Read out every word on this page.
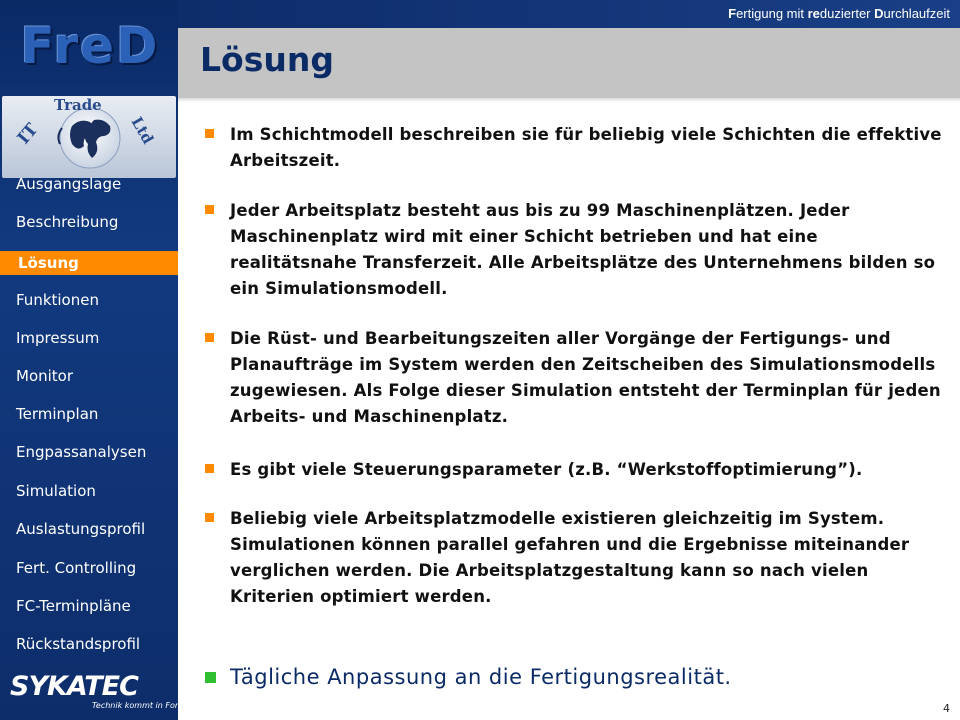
FreD
IT
Trade
Ltd
Ausgangslage
Beschreibung
Lösung
Funktionen
Impressum
Monitor
Terminplan
Engpassanalysen
Simulation
Auslastungsprofil
Fert. Controlling
FC-Terminpläne
Rückstandsprofil
SYKATEC
Technik kommt in Form
Fertigung mit reduzierter Durchlaufzeit
Lösung
Im Schichtmodell beschreiben sie für beliebig viele Schichten die effektive Arbeitszeit.
Jeder Arbeitsplatz besteht aus bis zu 99 Maschinenplätzen. Jeder Maschinenplatz wird mit einer Schicht betrieben und hat eine realitätsnahe Transferzeit. Alle Arbeitsplätze des Unternehmens bilden so ein Simulationsmodell.
Die Rüst- und Bearbeitungszeiten aller Vorgänge der Fertigungs- und Planaufträge im System werden den Zeitscheiben des Simulationsmodells zugewiesen. Als Folge dieser Simulation entsteht der Terminplan für jeden Arbeits- und Maschinenplatz.
Es gibt viele Steuerungsparameter (z.B. “Werkstoffoptimierung”).
Beliebig viele Arbeitsplatzmodelle existieren gleichzeitig im System. Simulationen können parallel gefahren und die Ergebnisse miteinander verglichen werden. Die Arbeitsplatzgestaltung kann so nach vielen Kriterien optimiert werden.
Tägliche Anpassung an die Fertigungsrealität.
4
